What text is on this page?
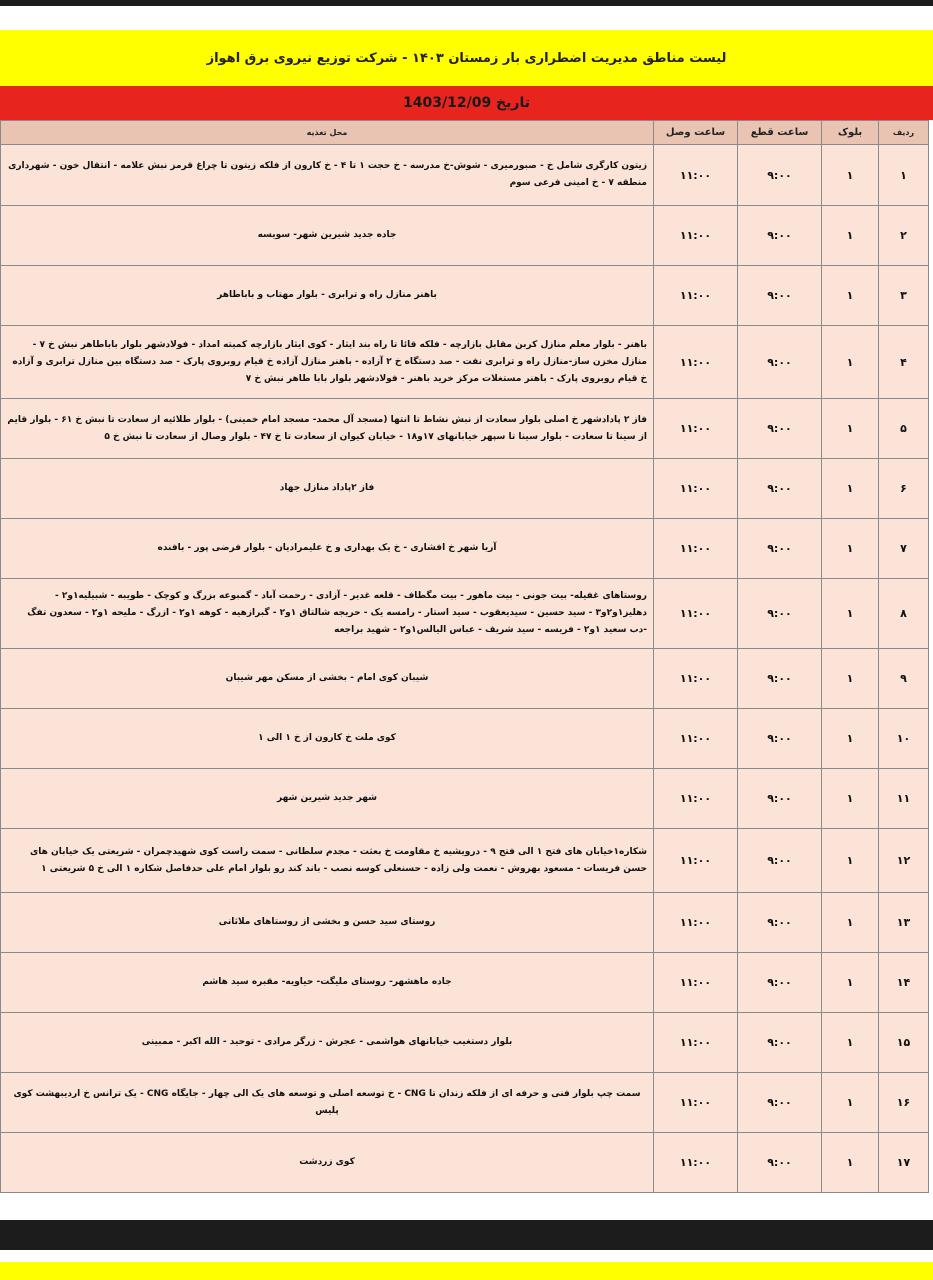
لیست مناطق مدیریت اضطراری بار زمستان ۱۴۰۳ - شرکت توزیع نیروی برق اهواز
تاریخ 1403/12/09
ردیف	بلوک	ساعت قطع	ساعت وصل	محل تغذیه
۱	۱	۹:۰۰	۱۱:۰۰	زیتون کارگری شامل خ - صبورمیری - شوش-خ مدرسه - خ حجت ۱ تا ۴ - خ کارون از فلکه زیتون تا چراغ قرمز نبش علامه - انتقال خون - شهرداری منطقه ۷ - خ امینی فرعی سوم
۲	۱	۹:۰۰	۱۱:۰۰	جاده جدید شیرین شهر- سویسه
۳	۱	۹:۰۰	۱۱:۰۰	باهنر منازل راه و ترابری - بلوار مهتاب و باباطاهر
۴	۱	۹:۰۰	۱۱:۰۰	باهنر - بلوار معلم منازل کربن مقابل بازارچه - فلکه قائا تا راه بند ایثار - کوی ایثار بازارچه کمیته امداد - فولادشهر بلوار باباطاهر نبش خ ۷ - منازل مخزن ساز-منازل راه و ترابری نفت - صد دستگاه خ ۲ آزاده - باهنر منازل آزاده خ قیام روبروی پارک - صد دستگاه بین منازل ترابری و آزاده خ قیام روبروی پارک - باهنر مستغلات مرکز خرید باهنر - فولادشهر بلوار بابا طاهر نبش خ ۷
۵	۱	۹:۰۰	۱۱:۰۰	فاز ۲ پادادشهر خ اصلی بلوار سعادت از نبش نشاط تا انتها (مسجد آل محمد- مسجد امام خمینی) - بلوار طلائیه از سعادت تا نبش خ ۶۱ - بلوار قایم از سینا تا سعادت - بلوار سینا تا سپهر خیابانهای ۱۷و۱۸ - خیابان کیوان از سعادت تا خ ۴۷ - بلوار وصال از سعادت تا نبش خ ۵
۶	۱	۹:۰۰	۱۱:۰۰	فاز ۲پاداد منازل جهاد
۷	۱	۹:۰۰	۱۱:۰۰	آریا شهر خ افشاری - خ یک بهداری و خ علیمرادیان - بلوار فرضی پور - بافنده
۸	۱	۹:۰۰	۱۱:۰۰	روستاهای غفیله- بیت جونی - بیت ماهور - بیت مگطاف - قلعه غدیر - آزادی - رحمت آباد - گمبوعه بزرگ و کوچک - طویبه - شبیلیه۱و۲ - دهلیز۱و۲و۳ - سید حسین - سیدیعقوب - سید استار - رامسه یک - حریجه شالتاق ۱و۲ - گبرازهیه - کوهه ۱و۲ - ازرگ - ملیحه ۱و۲ - سعدون تفگ -دب سعید ۱و۲ - فریسه - سید شریف - عباس الیالس۱و۲ - شهید براجعه
۹	۱	۹:۰۰	۱۱:۰۰	شیبان کوی امام - بخشی از مسکن مهر شیبان
۱۰	۱	۹:۰۰	۱۱:۰۰	کوی ملت خ کارون از خ ۱ الی ۱
۱۱	۱	۹:۰۰	۱۱:۰۰	شهر جدید شیرین شهر
۱۲	۱	۹:۰۰	۱۱:۰۰	شکاره۱خیابان های فتح ۱ الی فتح ۹ - درویشیه خ مقاومت خ بعثت - مجدم سلطانی - سمت راست کوی شهیدچمران - شریعتی یک خیابان های حسن فریسات - مسعود بهروش - نعمت ولی زاده - حسنعلی کوسه نصب - باند کند رو بلوار امام علی حدفاصل شکاره ۱ الی خ ۵ شریعتی ۱
۱۳	۱	۹:۰۰	۱۱:۰۰	روستای سید حسن و بخشی از روستاهای ملاثانی
۱۴	۱	۹:۰۰	۱۱:۰۰	جاده ماهشهر- روستای ملیگت- حیاویه- مقبره سید هاشم
۱۵	۱	۹:۰۰	۱۱:۰۰	بلوار دستغیب خیابانهای هواشمی - عجرش - زرگر مرادی - توحید - الله اکبر - ممبینی
۱۶	۱	۹:۰۰	۱۱:۰۰	سمت چپ بلوار فنی و حرفه ای از فلکه زندان تا CNG - خ توسعه اصلی و توسعه های یک الی چهار - جایگاه CNG - یک ترانس خ اردیبهشت کوی پلیس
۱۷	۱	۹:۰۰	۱۱:۰۰	کوی زردشت
